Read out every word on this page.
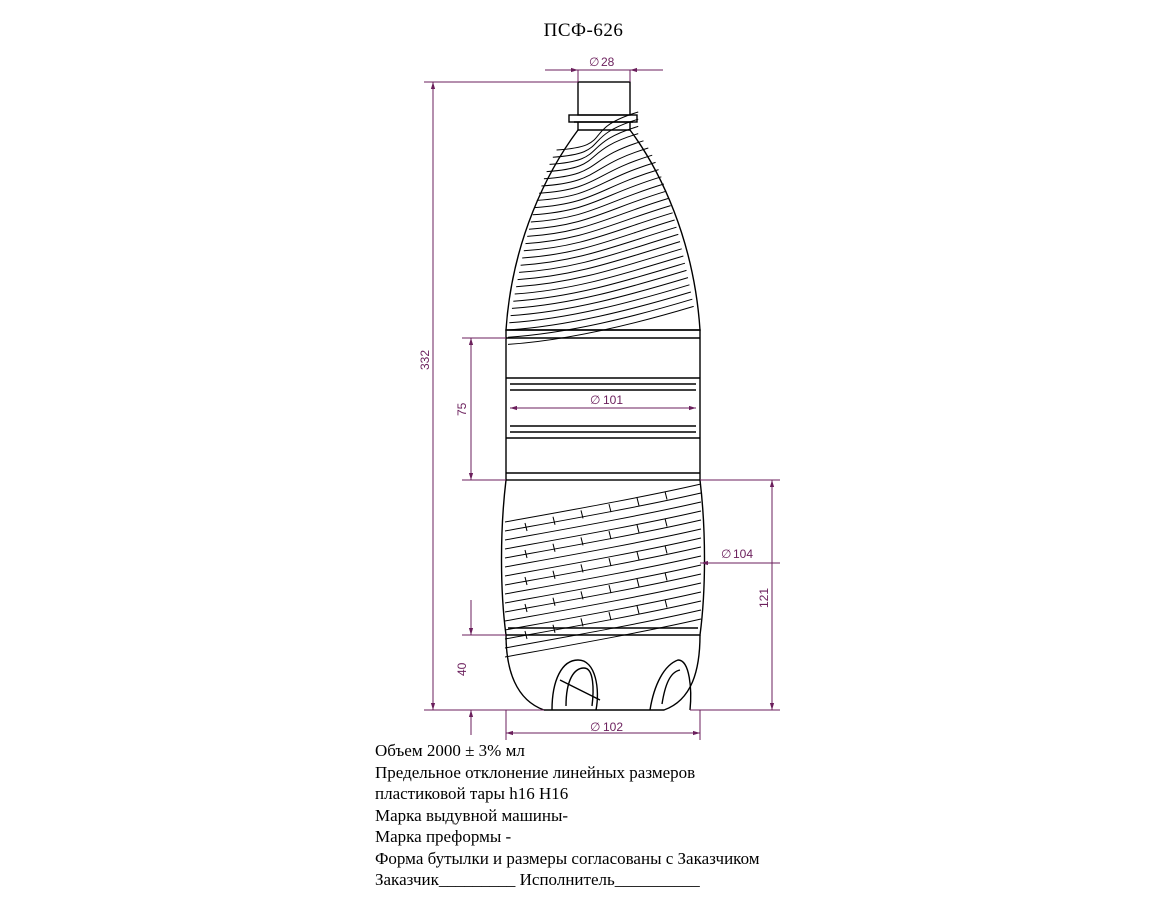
ПСФ-626
∅ 28
332
75
∅ 101
∅ 104
121
40
∅ 102
Объем 2000 ± 3% мл
Предельное отклонение линейных размеров
пластиковой тары h16 H16
Марка выдувной машины-
Марка преформы -
Форма бутылки и размеры согласованы с Заказчиком
Заказчик_________ Исполнитель__________
